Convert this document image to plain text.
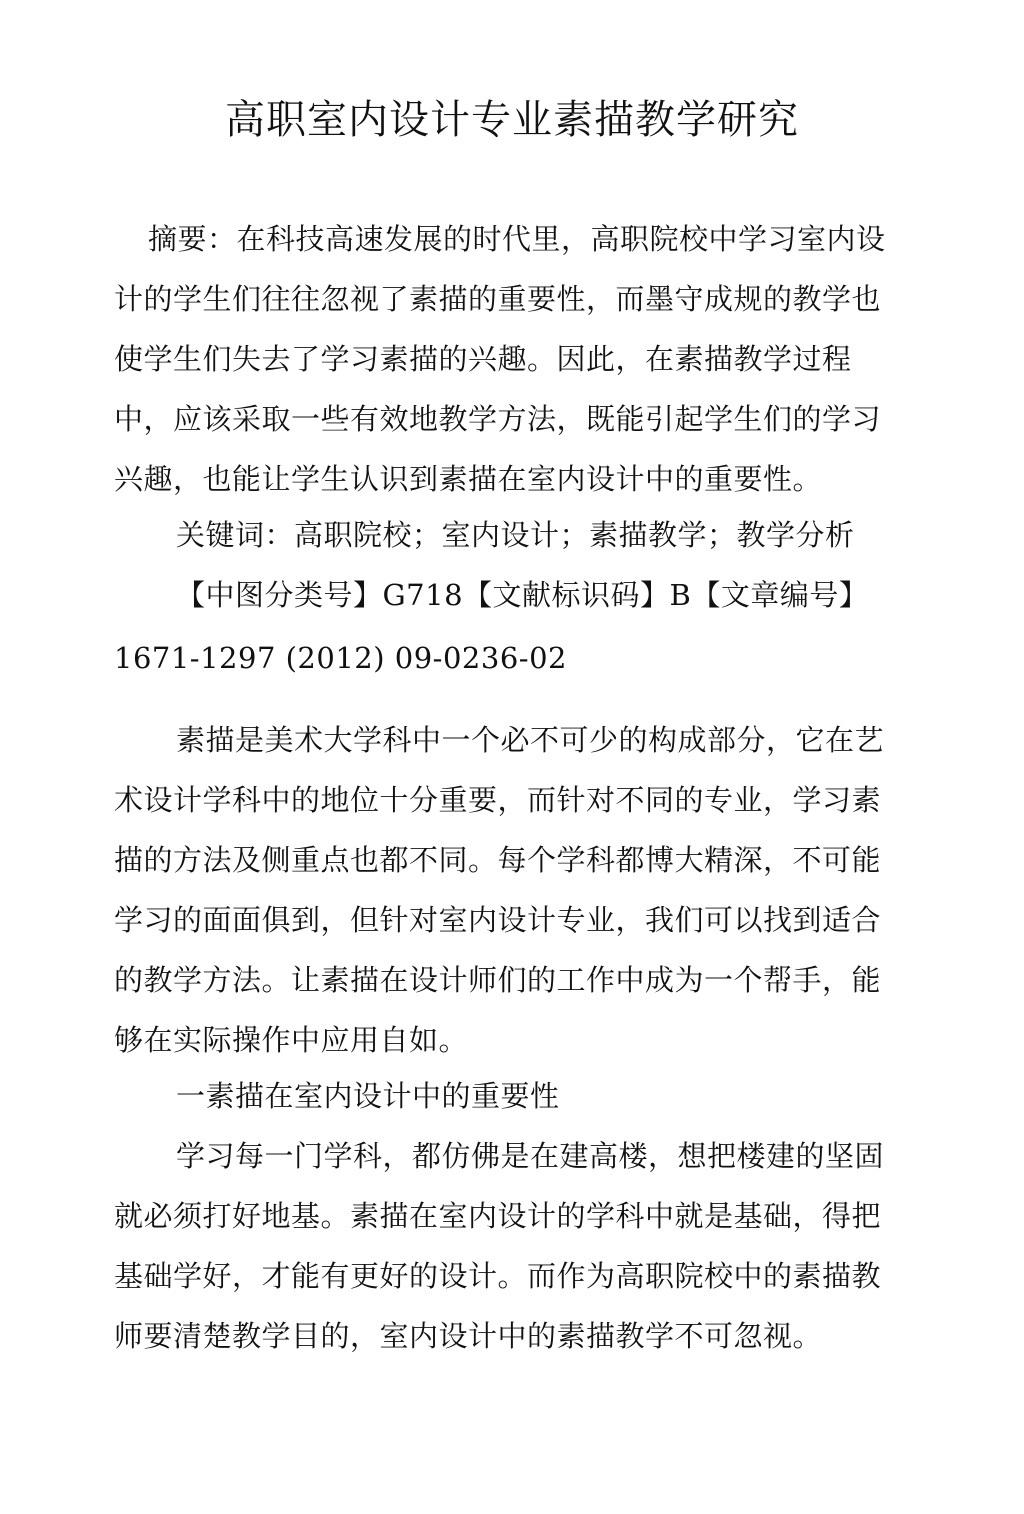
高职室内设计专业素描教学研究

摘要：在科技高速发展的时代里，高职院校中学习室内设计的学生们往往忽视了素描的重要性，而墨守成规的教学也使学生们失去了学习素描的兴趣。因此，在素描教学过程中，应该采取一些有效地教学方法，既能引起学生们的学习兴趣，也能让学生认识到素描在室内设计中的重要性。

关键词：高职院校；室内设计；素描教学；教学分析

【中图分类号】G718【文献标识码】B【文章编号】

1671-1297 (2012) 09-0236-02

素描是美术大学科中一个必不可少的构成部分，它在艺术设计学科中的地位十分重要，而针对不同的专业，学习素描的方法及侧重点也都不同。每个学科都博大精深，不可能学习的面面俱到，但针对室内设计专业，我们可以找到适合的教学方法。让素描在设计师们的工作中成为一个帮手，能够在实际操作中应用自如。

一素描在室内设计中的重要性

学习每一门学科，都仿佛是在建高楼，想把楼建的坚固就必须打好地基。素描在室内设计的学科中就是基础，得把基础学好，才能有更好的设计。而作为高职院校中的素描教师要清楚教学目的，室内设计中的素描教学不可忽视。
